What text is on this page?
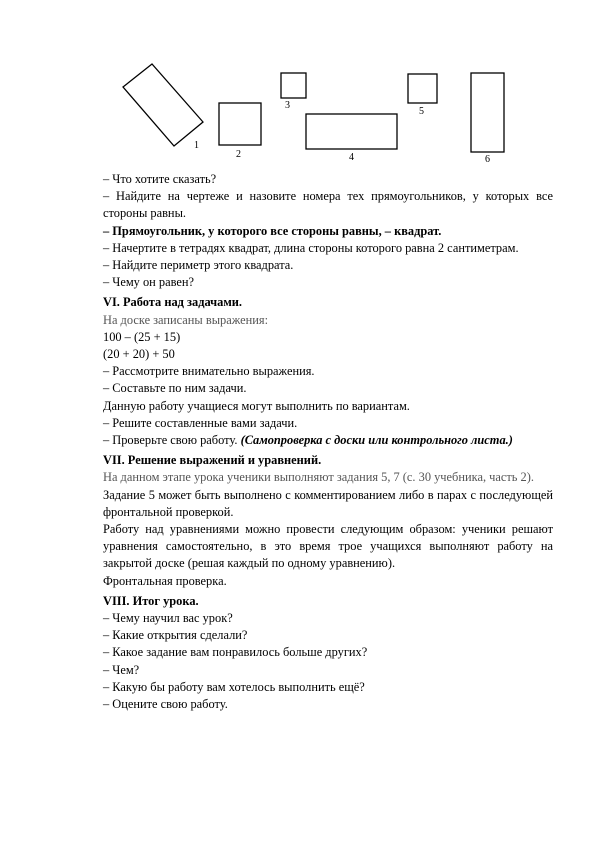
1
2
3
4
5
6

– Что хотите сказать?

– Найдите на чертеже и назовите номера тех прямоугольников, у которых все стороны равны.

– Прямоугольник, у которого все стороны равны, – квадрат.

– Начертите в тетрадях квадрат, длина стороны которого равна 2 сантиметрам.

– Найдите периметр этого квадрата.

– Чему он равен?

VI. Работа над задачами.

На доске записаны выражения:

100 – (25 + 15)

(20 + 20) + 50

– Рассмотрите внимательно выражения.

– Составьте по ним задачи.

Данную работу учащиеся могут выполнить по вариантам.

– Решите составленные вами задачи.

– Проверьте свою работу. (Самопроверка с доски или контрольного листа.)

VII. Решение выражений и уравнений.

На данном этапе урока ученики выполняют задания 5, 7 (с. 30 учебника, часть 2).

Задание 5 может быть выполнено с комментированием либо в парах с последующей фронтальной проверкой.

Работу над уравнениями можно провести следующим образом: ученики решают уравнения самостоятельно, в это время трое учащихся выполняют работу на закрытой доске (решая каждый по одному уравнению).

Фронтальная проверка.

VIII. Итог урока.

– Чему научил вас урок?

– Какие открытия сделали?

– Какое задание вам понравилось больше других?

– Чем?

– Какую бы работу вам хотелось выполнить ещё?

– Оцените свою работу.
